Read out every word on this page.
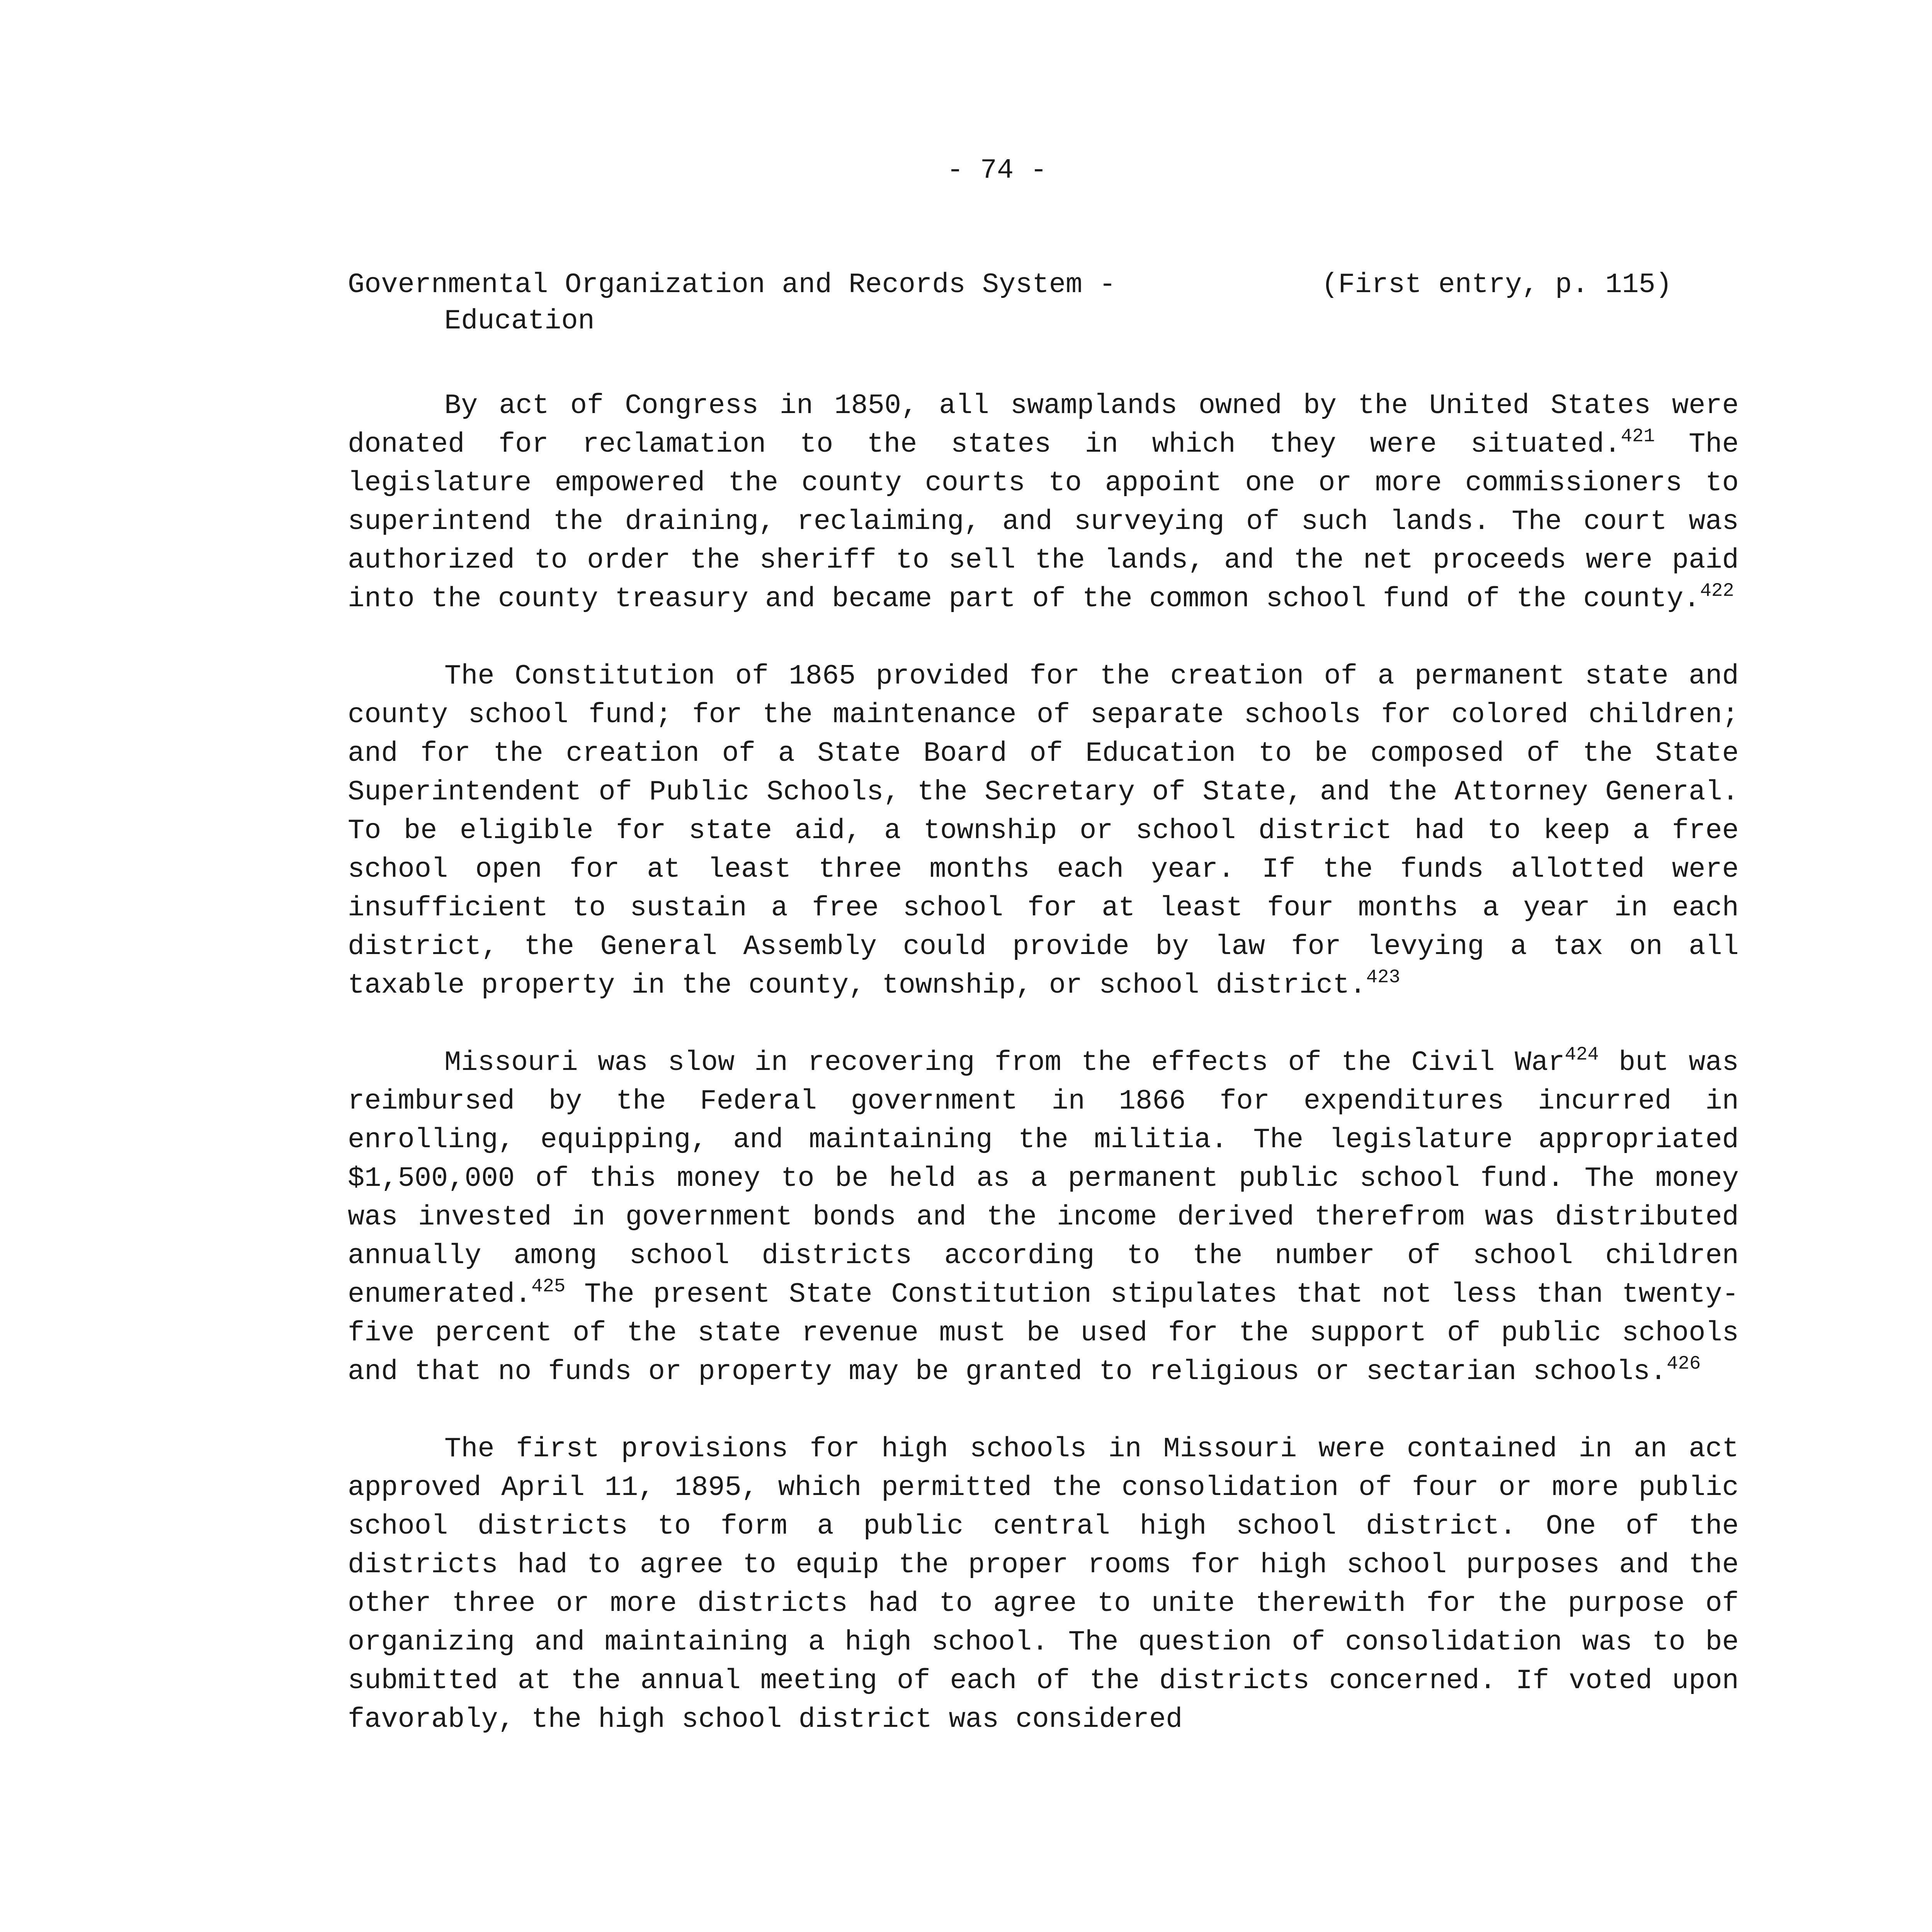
- 74 -
Governmental Organization and Records System -	(First entry, p. 115)
Education

By act of Congress in 1850, all swamplands owned by the United States were donated for reclamation to the states in which they were situated.$^{421}$ The legislature empowered the county courts to appoint one or more commissioners to superintend the draining, reclaiming, and surveying of such lands. The court was authorized to order the sheriff to sell the lands, and the net proceeds were paid into the county treasury and became part of the common school fund of the county.$^{422}$

The Constitution of 1865 provided for the creation of a permanent state and county school fund; for the maintenance of separate schools for colored children; and for the creation of a State Board of Education to be composed of the State Superintendent of Public Schools, the Secretary of State, and the Attorney General. To be eligible for state aid, a township or school district had to keep a free school open for at least three months each year. If the funds allotted were insufficient to sustain a free school for at least four months a year in each district, the General Assembly could provide by law for levying a tax on all taxable property in the county, township, or school district.$^{423}$

Missouri was slow in recovering from the effects of the Civil War$^{424}$ but was reimbursed by the Federal government in 1866 for expenditures incurred in enrolling, equipping, and maintaining the militia. The legislature appropriated $1,500,000 of this money to be held as a permanent public school fund. The money was invested in government bonds and the income derived therefrom was distributed annually among school districts according to the number of school children enumerated.$^{425}$ The present State Constitution stipulates that not less than twenty-five percent of the state revenue must be used for the support of public schools and that no funds or property may be granted to religious or sectarian schools.$^{426}$

The first provisions for high schools in Missouri were contained in an act approved April 11, 1895, which permitted the consolidation of four or more public school districts to form a public central high school district. One of the districts had to agree to equip the proper rooms for high school purposes and the other three or more districts had to agree to unite therewith for the purpose of organizing and maintaining a high school. The question of consolidation was to be submitted at the annual meeting of each of the districts concerned. If voted upon favorably, the high school district was considered
